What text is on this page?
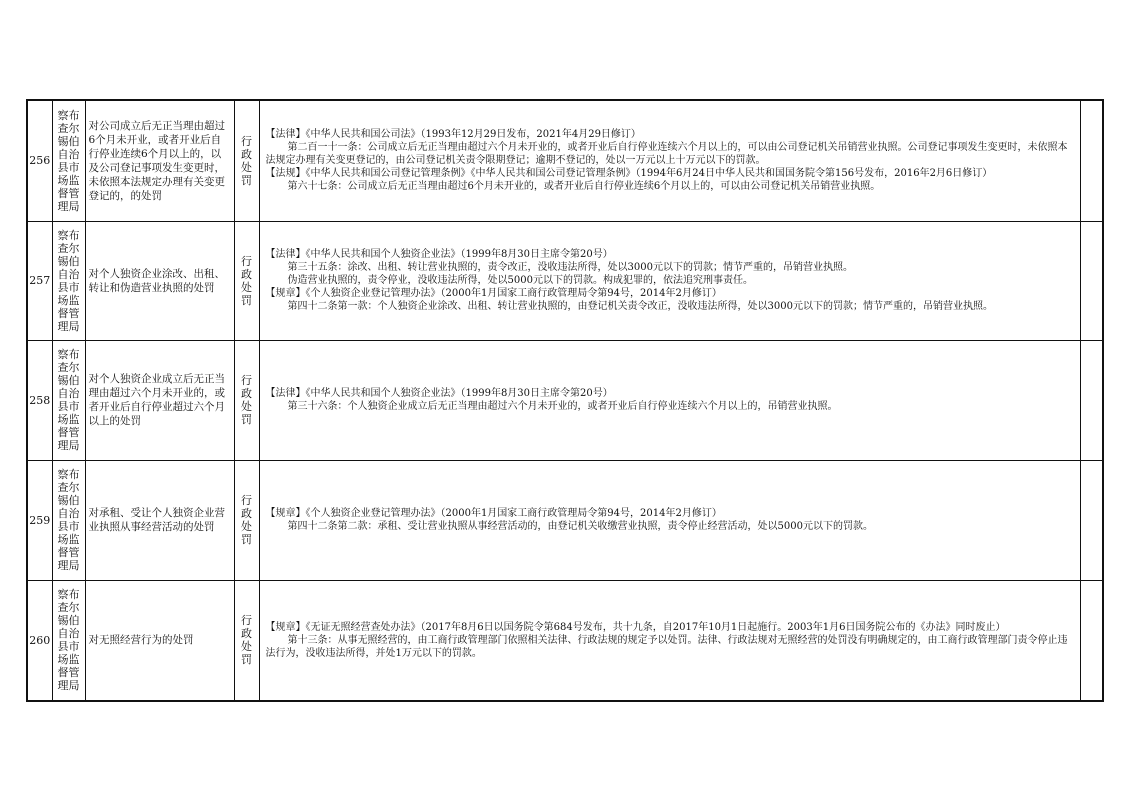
256	察布查尔锡伯自治县市场监督管理局	对公司成立后无正当理由超过6个月未开业，或者开业后自行停业连续6个月以上的，以及公司登记事项发生变更时，未依照本法规定办理有关变更登记的，的处罚	行政处罚	【法律】《中华人民共和国公司法》（1993年12月29日发布，2021年4月29日修订）

第二百一十一条：公司成立后无正当理由超过六个月未开业的，或者开业后自行停业连续六个月以上的，可以由公司登记机关吊销营业执照。公司登记事项发生变更时，未依照本法规定办理有关变更登记的，由公司登记机关责令限期登记；逾期不登记的，处以一万元以上十万元以下的罚款。

【法规】《中华人民共和国公司登记管理条例》《中华人民共和国公司登记管理条例》（1994年6月24日中华人民共和国国务院令第156号发布，2016年2月6日修订）

第六十七条：公司成立后无正当理由超过6个月未开业的，或者开业后自行停业连续6个月以上的，可以由公司登记机关吊销营业执照。	

257	察布查尔锡伯自治县市场监督管理局	对个人独资企业涂改、出租、转让和伪造营业执照的处罚	行政处罚	【法律】《中华人民共和国个人独资企业法》（1999年8月30日主席令第20号）

第三十五条：涂改、出租、转让营业执照的，责令改正，没收违法所得，处以3000元以下的罚款；情节严重的，吊销营业执照。

伪造营业执照的，责令停业，没收违法所得，处以5000元以下的罚款。构成犯罪的，依法追究刑事责任。

【规章】《个人独资企业登记管理办法》（2000年1月国家工商行政管理局令第94号，2014年2月修订）

第四十二条第一款：个人独资企业涂改、出租、转让营业执照的，由登记机关责令改正，没收违法所得，处以3000元以下的罚款；情节严重的，吊销营业执照。	

258	察布查尔锡伯自治县市场监督管理局	对个人独资企业成立后无正当理由超过六个月未开业的，或者开业后自行停业超过六个月以上的处罚	行政处罚	【法律】《中华人民共和国个人独资企业法》（1999年8月30日主席令第20号）

第三十六条：个人独资企业成立后无正当理由超过六个月未开业的，或者开业后自行停业连续六个月以上的，吊销营业执照。	

259	察布查尔锡伯自治县市场监督管理局	对承租、受让个人独资企业营业执照从事经营活动的处罚	行政处罚	【规章】《个人独资企业登记管理办法》（2000年1月国家工商行政管理局令第94号，2014年2月修订）

第四十二条第二款：承租、受让营业执照从事经营活动的，由登记机关收缴营业执照，责令停止经营活动，处以5000元以下的罚款。	

260	察布查尔锡伯自治县市场监督管理局	对无照经营行为的处罚	行政处罚	【规章】《无证无照经营查处办法》（2017年8月6日以国务院令第684号发布，共十九条，自2017年10月1日起施行。2003年1月6日国务院公布的《办法》同时废止）

第十三条：从事无照经营的，由工商行政管理部门依照相关法律、行政法规的规定予以处罚。法律、行政法规对无照经营的处罚没有明确规定的，由工商行政管理部门责令停止违法行为，没收违法所得，并处1万元以下的罚款。	
